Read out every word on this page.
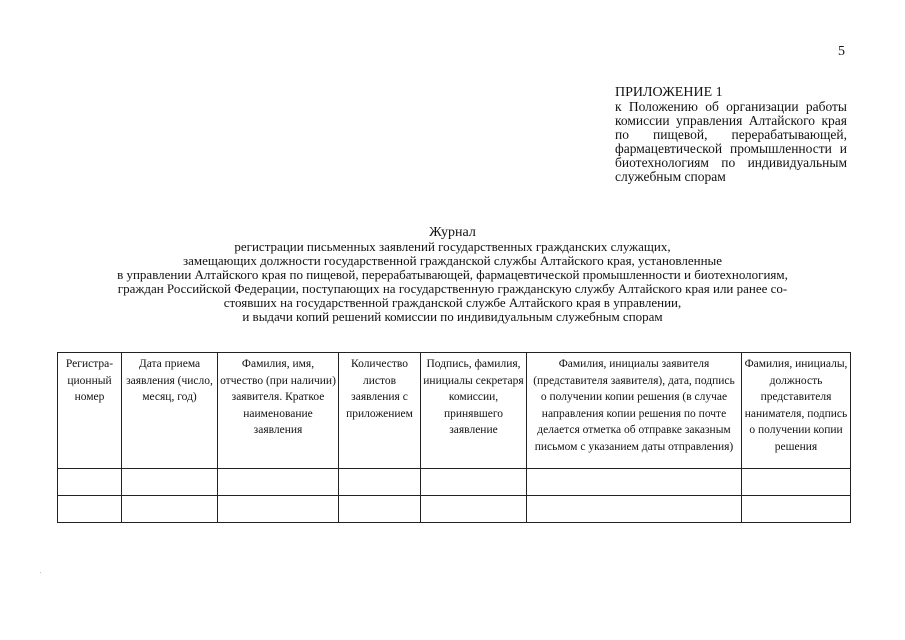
5
ПРИЛОЖЕНИЕ 1
к Положению об организации работы комиссии управления Алтайского края по пищевой, перерабатывающей, фармацевтической промышленности и биотехнологиям по индивидуальным служебным спорам
Журнал
регистрации письменных заявлений государственных гражданских служащих,
замещающих должности государственной гражданской службы Алтайского края, установленные
в управлении Алтайского края по пищевой, перерабатывающей, фармацевтической промышленности и биотехнологиям,
граждан Российской Федерации, поступающих на государственную гражданскую службу Алтайского края или ранее со-
стоявших на государственной гражданской службе Алтайского края в управлении,
и выдачи копий решений комиссии по индивидуальным служебным спорам
Регистра-ционный номер	Дата приема заявления (число, месяц, год)	Фамилия, имя, отчество (при наличии) заявителя. Краткое наименование заявления	Количество листов заявления с приложением	Подпись, фамилия, инициалы секретаря комиссии, принявшего заявление	Фамилия, инициалы заявителя (представителя заявителя), дата, подпись о получении копии решения (в случае направления копии решения по почте делается отметка об отправке заказным письмом с указанием даты отправления)	Фамилия, инициалы, должность представителя нанимателя, подпись о получении копии решения
